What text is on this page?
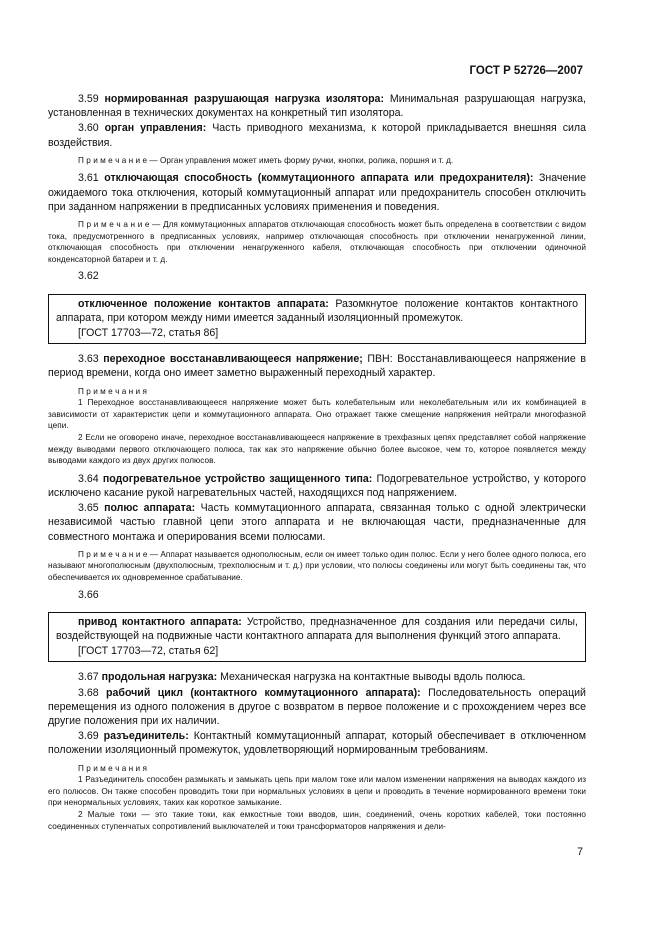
ГОСТ Р 52726—2007

3.59 нормированная разрушающая нагрузка изолятора: Минимальная разрушающая нагрузка, установленная в технических документах на конкретный тип изолятора.

3.60 орган управления: Часть приводного механизма, к которой прикладывается внешняя сила воздействия.

П р и м е ч а н и е — Орган управления может иметь форму ручки, кнопки, ролика, поршня и т. д.

3.61 отключающая способность (коммутационного аппарата или предохранителя): Значение ожидаемого тока отключения, который коммутационный аппарат или предохранитель способен отключить при заданном напряжении в предписанных условиях применения и поведения.

П р и м е ч а н и е — Для коммутационных аппаратов отключающая способность может быть определена в соответствии с видом тока, предусмотренного в предписанных условиях, например отключающая способность при отключении ненагруженной линии, отключающая способность при отключении ненагруженного кабеля, отключающая способность при отключении одиночной конденсаторной батареи и т. д.

3.62

отключенное положение контактов аппарата: Разомкнутое положение контактов контактного аппарата, при котором между ними имеется заданный изоляционный промежуток.

[ГОСТ 17703—72, статья 86]

3.63 переходное восстанавливающееся напряжение; ПВН: Восстанавливающееся напряжение в период времени, когда оно имеет заметно выраженный переходный характер.

П р и м е ч а н и я

1 Переходное восстанавливающееся напряжение может быть колебательным или неколебательным или их комбинацией в зависимости от характеристик цепи и коммутационного аппарата. Оно отражает также смещение напряжения нейтрали многофазной цепи.

2 Если не оговорено иначе, переходное восстанавливающееся напряжение в трехфазных цепях представляет собой напряжение между выводами первого отключающего полюса, так как это напряжение обычно более высокое, чем то, которое появляется между выводами каждого из двух других полюсов.

3.64 подогревательное устройство защищенного типа: Подогревательное устройство, у которого исключено касание рукой нагревательных частей, находящихся под напряжением.

3.65 полюс аппарата: Часть коммутационного аппарата, связанная только с одной электрически независимой частью главной цепи этого аппарата и не включающая части, предназначенные для совместного монтажа и оперирования всеми полюсами.

П р и м е ч а н и е — Аппарат называется однополюсным, если он имеет только один полюс. Если у него более одного полюса, его называют многополюсным (двухполюсным, трехполюсным и т. д.) при условии, что полюсы соединены или могут быть соединены так, что обеспечивается их одновременное срабатывание.

3.66

привод контактного аппарата: Устройство, предназначенное для создания или передачи силы, воздействующей на подвижные части контактного аппарата для выполнения функций этого аппарата.

[ГОСТ 17703—72, статья 62]

3.67 продольная нагрузка: Механическая нагрузка на контактные выводы вдоль полюса.

3.68 рабочий цикл (контактного коммутационного аппарата): Последовательность операций перемещения из одного положения в другое с возвратом в первое положение и с прохождением через все другие положения при их наличии.

3.69 разъединитель: Контактный коммутационный аппарат, который обеспечивает в отключенном положении изоляционный промежуток, удовлетворяющий нормированным требованиям.

П р и м е ч а н и я

1 Разъединитель способен размыкать и замыкать цепь при малом токе или малом изменении напряжения на выводах каждого из его полюсов. Он также способен проводить токи при нормальных условиях в цепи и проводить в течение нормированного времени токи при ненормальных условиях, таких как короткое замыкание.

2 Малые токи — это такие токи, как емкостные токи вводов, шин, соединений, очень коротких кабелей, токи постоянно соединенных ступенчатых сопротивлений выключателей и токи трансформаторов напряжения и дели-

7
